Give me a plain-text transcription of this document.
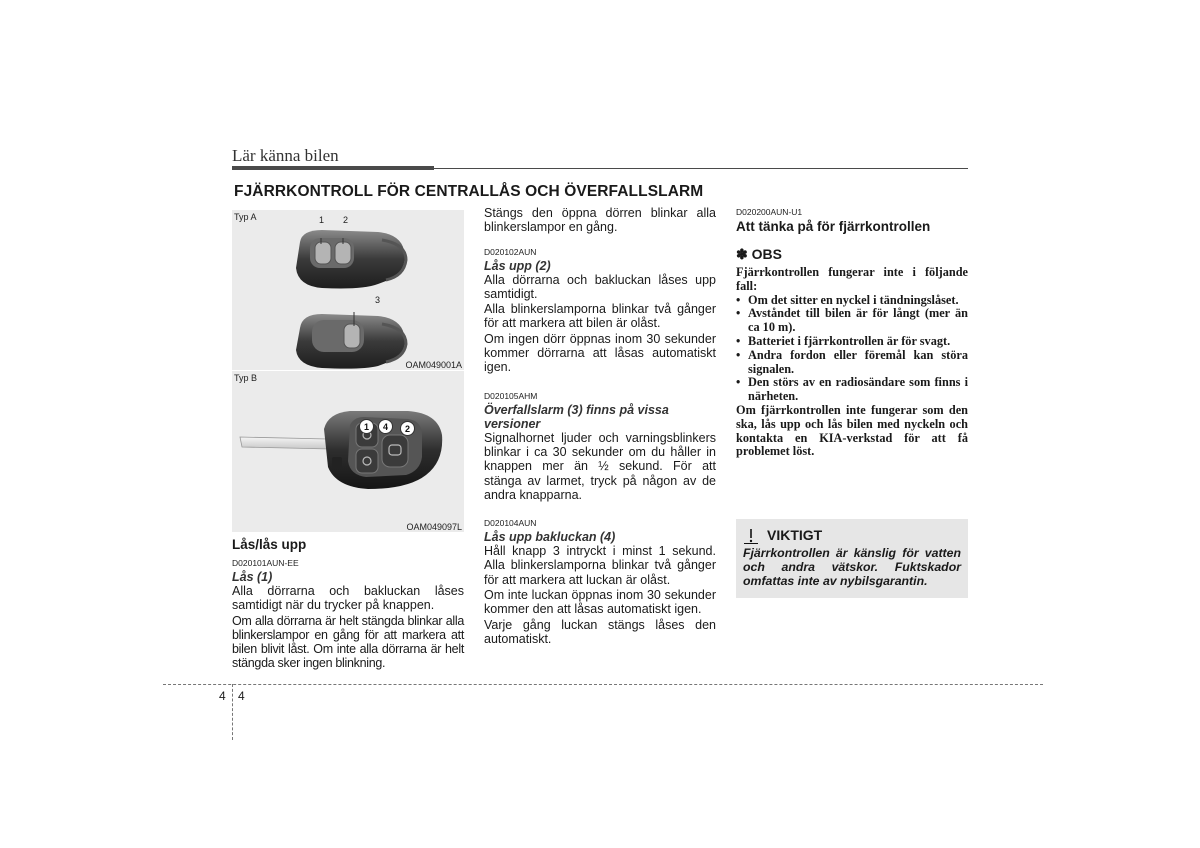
Lär känna bilen
FJÄRRKONTROLL FÖR CENTRALLÅS OCH ÖVERFALLSLARM
Typ A	1 2
3
OAM049001A
Typ B
1	4	2
OAM049097L
Lås/lås upp
D020101AUN-EE
Lås (1)

Alla dörrarna och bakluckan låses samtidigt när du trycker på knappen.

Om alla dörrarna är helt stängda blinkar alla blinkerslampor en gång för att markera att bilen blivit låst. Om inte alla dörrarna är helt stängda sker ingen blinkning.

Stängs den öppna dörren blinkar alla blinkerslampor en gång.
D020102AUN
Lås upp (2)

Alla dörrarna och bakluckan låses upp samtidigt.

Alla blinkerslamporna blinkar två gånger för att markera att bilen är olåst.

Om ingen dörr öppnas inom 30 sekunder kommer dörrarna att låsas automatiskt igen.

D020105AHM
Överfallslarm (3) finns på vissa versioner
Signalhornet ljuder och varningsblinkers blinkar i ca 30 sekunder om du håller in knappen mer än ½ sekund. För att stänga av larmet, tryck på någon av de andra knapparna.
D020104AUN
Lås upp bakluckan (4)

Håll knapp 3 intryckt i minst 1 sekund. Alla blinkerslamporna blinkar två gånger för att markera att luckan är olåst.

Om inte luckan öppnas inom 30 sekunder kommer den att låsas automatiskt igen.

Varje gång luckan stängs låses den automatiskt.

D020200AUN-U1
Att tänka på för fjärrkontrollen
✽ OBS
Fjärrkontrollen fungerar inte i följande fall:
• Om det sitter en nyckel i tändningslåset.
• Avståndet till bilen är för långt (mer än ca 10 m).
• Batteriet i fjärrkontrollen är för svagt.
• Andra fordon eller föremål kan störa signalen.
• Den störs av en radiosändare som finns i närheten.
Om fjärrkontrollen inte fungerar som den ska, lås upp och lås bilen med nyckeln och kontakta en KIA-verkstad för att få problemet löst.
VIKTIGT
Fjärrkontrollen är känslig för vatten och andra vätskor. Fuktskador omfattas inte av nybilsgarantin.
4 4
